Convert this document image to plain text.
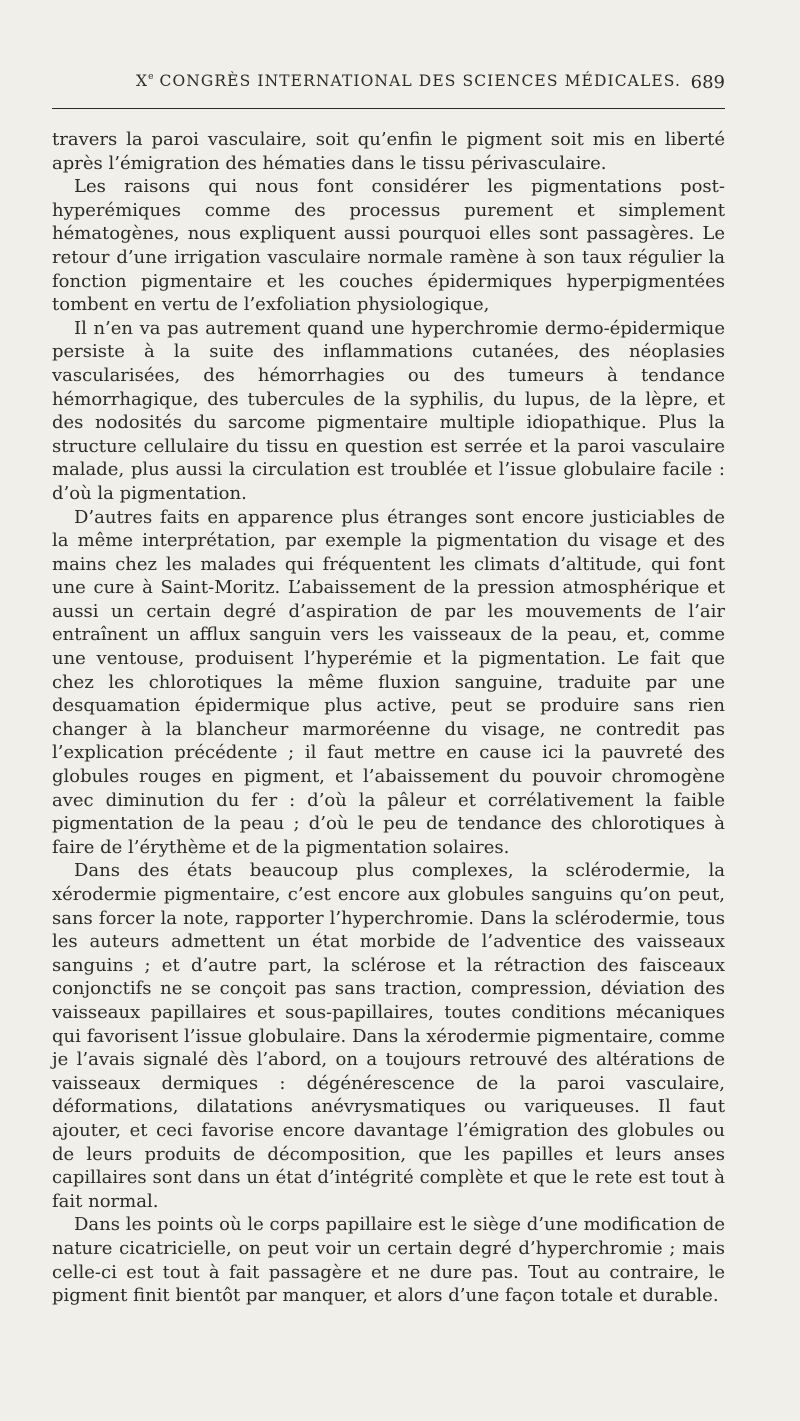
Xe CONGRÈS INTERNATIONAL DES SCIENCES MÉDICALES. 689

travers la paroi vasculaire, soit qu’enfin le pigment soit mis en liberté après l’émigration des hématies dans le tissu périvasculaire.

Les raisons qui nous font considérer les pigmentations post-hyperémiques comme des processus purement et simplement hématogènes, nous expliquent aussi pourquoi elles sont passagères. Le retour d’une irrigation vasculaire normale ramène à son taux régulier la fonction pigmentaire et les couches épidermiques hyperpigmentées tombent en vertu de l’exfoliation physiologique,

Il n’en va pas autrement quand une hyperchromie dermo-épidermique persiste à la suite des inflammations cutanées, des néoplasies vascularisées, des hémorrhagies ou des tumeurs à tendance hémorrhagique, des tubercules de la syphilis, du lupus, de la lèpre, et des nodosités du sarcome pigmentaire multiple idiopathique. Plus la structure cellulaire du tissu en question est serrée et la paroi vasculaire malade, plus aussi la circulation est troublée et l’issue globulaire facile : d’où la pigmentation.

D’autres faits en apparence plus étranges sont encore justiciables de la même interprétation, par exemple la pigmentation du visage et des mains chez les malades qui fréquentent les climats d’altitude, qui font une cure à Saint-Moritz. L’abaissement de la pression atmosphérique et aussi un certain degré d’aspiration de par les mouvements de l’air entraînent un afflux sanguin vers les vaisseaux de la peau, et, comme une ventouse, produisent l’hyperémie et la pigmentation. Le fait que chez les chlorotiques la même fluxion sanguine, traduite par une desquamation épidermique plus active, peut se produire sans rien changer à la blancheur marmoréenne du visage, ne contredit pas l’explication précédente ; il faut mettre en cause ici la pauvreté des globules rouges en pigment, et l’abaissement du pouvoir chromogène avec diminution du fer : d’où la pâleur et corrélativement la faible pigmentation de la peau ; d’où le peu de tendance des chlorotiques à faire de l’érythème et de la pigmentation solaires.

Dans des états beaucoup plus complexes, la sclérodermie, la xérodermie pigmentaire, c’est encore aux globules sanguins qu’on peut, sans forcer la note, rapporter l’hyperchromie. Dans la sclérodermie, tous les auteurs admettent un état morbide de l’adventice des vaisseaux sanguins ; et d’autre part, la sclérose et la rétraction des faisceaux conjonctifs ne se conçoit pas sans traction, compression, déviation des vaisseaux papillaires et sous-papillaires, toutes conditions mécaniques qui favorisent l’issue globulaire. Dans la xérodermie pigmentaire, comme je l’avais signalé dès l’abord, on a toujours retrouvé des altérations de vaisseaux dermiques : dégénérescence de la paroi vasculaire, déformations, dilatations anévrysmatiques ou variqueuses. Il faut ajouter, et ceci favorise encore davantage l’émigration des globules ou de leurs produits de décomposition, que les papilles et leurs anses capillaires sont dans un état d’intégrité complète et que le rete est tout à fait normal.

Dans les points où le corps papillaire est le siège d’une modification de nature cicatricielle, on peut voir un certain degré d’hyperchromie ; mais celle-ci est tout à fait passagère et ne dure pas. Tout au contraire, le pigment finit bientôt par manquer, et alors d’une façon totale et durable.
